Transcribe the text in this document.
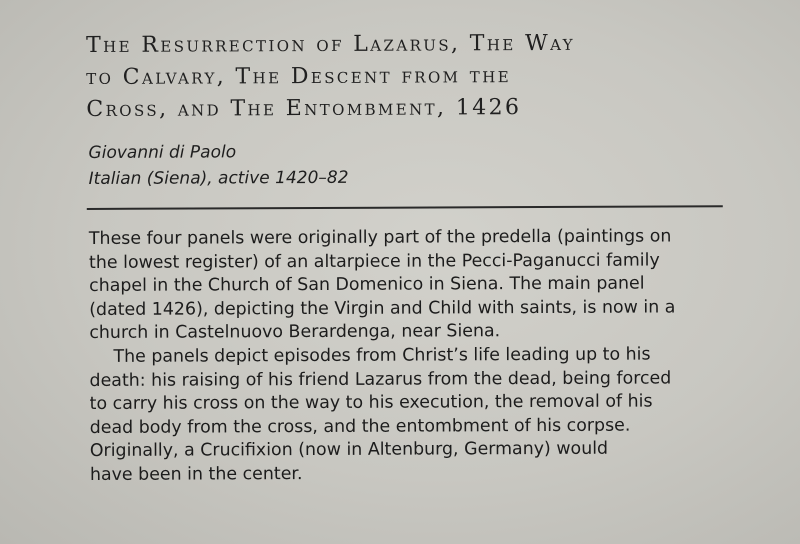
The Resurrection of Lazarus, The Way
to Calvary, The Descent from the
Cross, and The Entombment, 1426
Giovanni di Paolo
Italian (Siena), active 1420–82
These four panels were originally part of the predella (paintings on
the lowest register) of an altarpiece in the Pecci-Paganucci family
chapel in the Church of San Domenico in Siena. The main panel
(dated 1426), depicting the Virgin and Child with saints, is now in a
church in Castelnuovo Berardenga, near Siena.
The panels depict episodes from Christ’s life leading up to his
death: his raising of his friend Lazarus from the dead, being forced
to carry his cross on the way to his execution, the removal of his
dead body from the cross, and the entombment of his corpse.
Originally, a Crucifixion (now in Altenburg, Germany) would
have been in the center.
